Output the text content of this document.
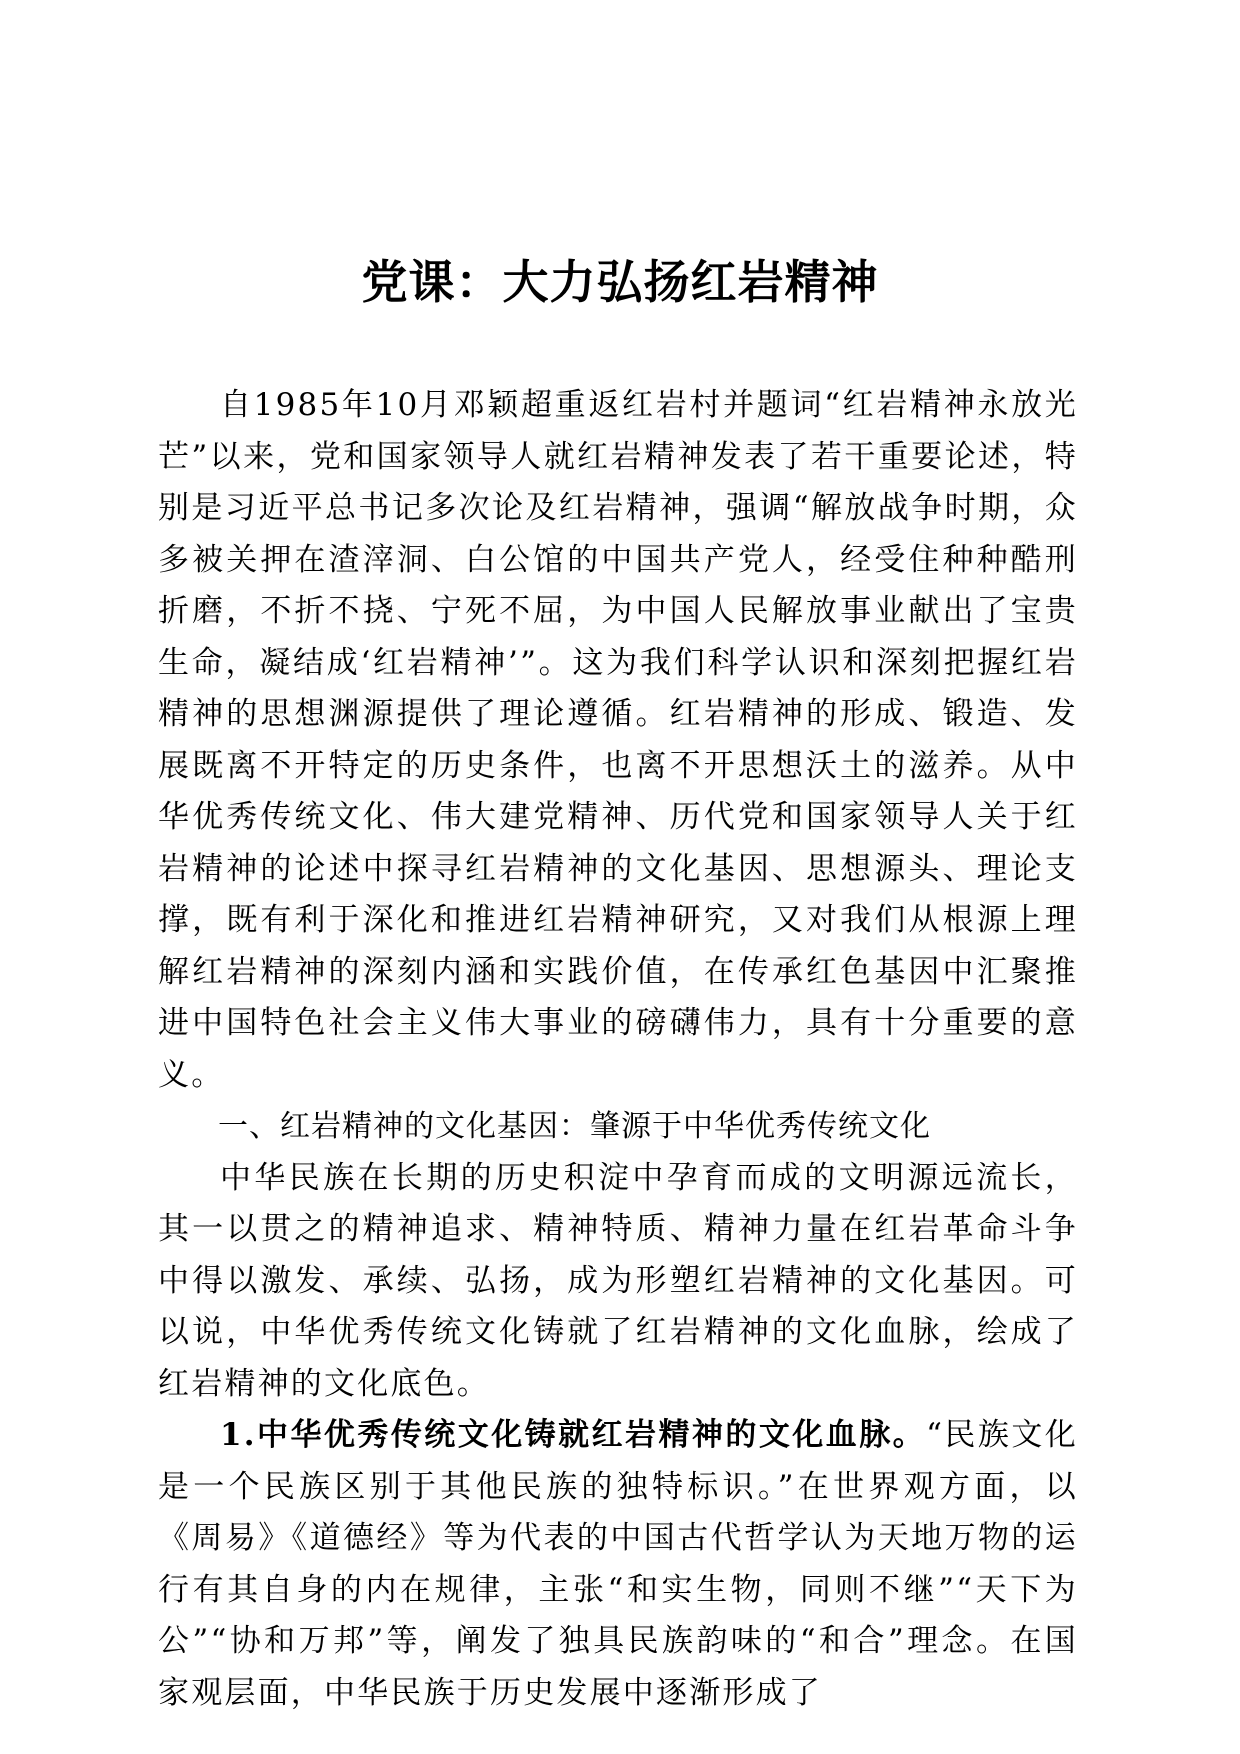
党课：大力弘扬红岩精神

自1985年10月邓颖超重返红岩村并题词“红岩精神永放光芒”以来，党和国家领导人就红岩精神发表了若干重要论述，特别是习近平总书记多次论及红岩精神，强调“解放战争时期，众多被关押在渣滓洞、白公馆的中国共产党人，经受住种种酷刑折磨，不折不挠、宁死不屈，为中国人民解放事业献出了宝贵生命，凝结成‘红岩精神’”。这为我们科学认识和深刻把握红岩精神的思想渊源提供了理论遵循。红岩精神的形成、锻造、发展既离不开特定的历史条件，也离不开思想沃土的滋养。从中华优秀传统文化、伟大建党精神、历代党和国家领导人关于红岩精神的论述中探寻红岩精神的文化基因、思想源头、理论支撑，既有利于深化和推进红岩精神研究，又对我们从根源上理解红岩精神的深刻内涵和实践价值，在传承红色基因中汇聚推进中国特色社会主义伟大事业的磅礴伟力，具有十分重要的意义。

一、红岩精神的文化基因：肇源于中华优秀传统文化

中华民族在长期的历史积淀中孕育而成的文明源远流长，其一以贯之的精神追求、精神特质、精神力量在红岩革命斗争中得以激发、承续、弘扬，成为形塑红岩精神的文化基因。可以说，中华优秀传统文化铸就了红岩精神的文化血脉，绘成了红岩精神的文化底色。

1.中华优秀传统文化铸就红岩精神的文化血脉。“民族文化是一个民族区别于其他民族的独特标识。”在世界观方面，以《周易》《道德经》等为代表的中国古代哲学认为天地万物的运行有其自身的内在规律，主张“和实生物，同则不继”“天下为公”“协和万邦”等，阐发了独具民族韵味的“和合”理念。在国家观层面，中华民族于历史发展中逐渐形成了
